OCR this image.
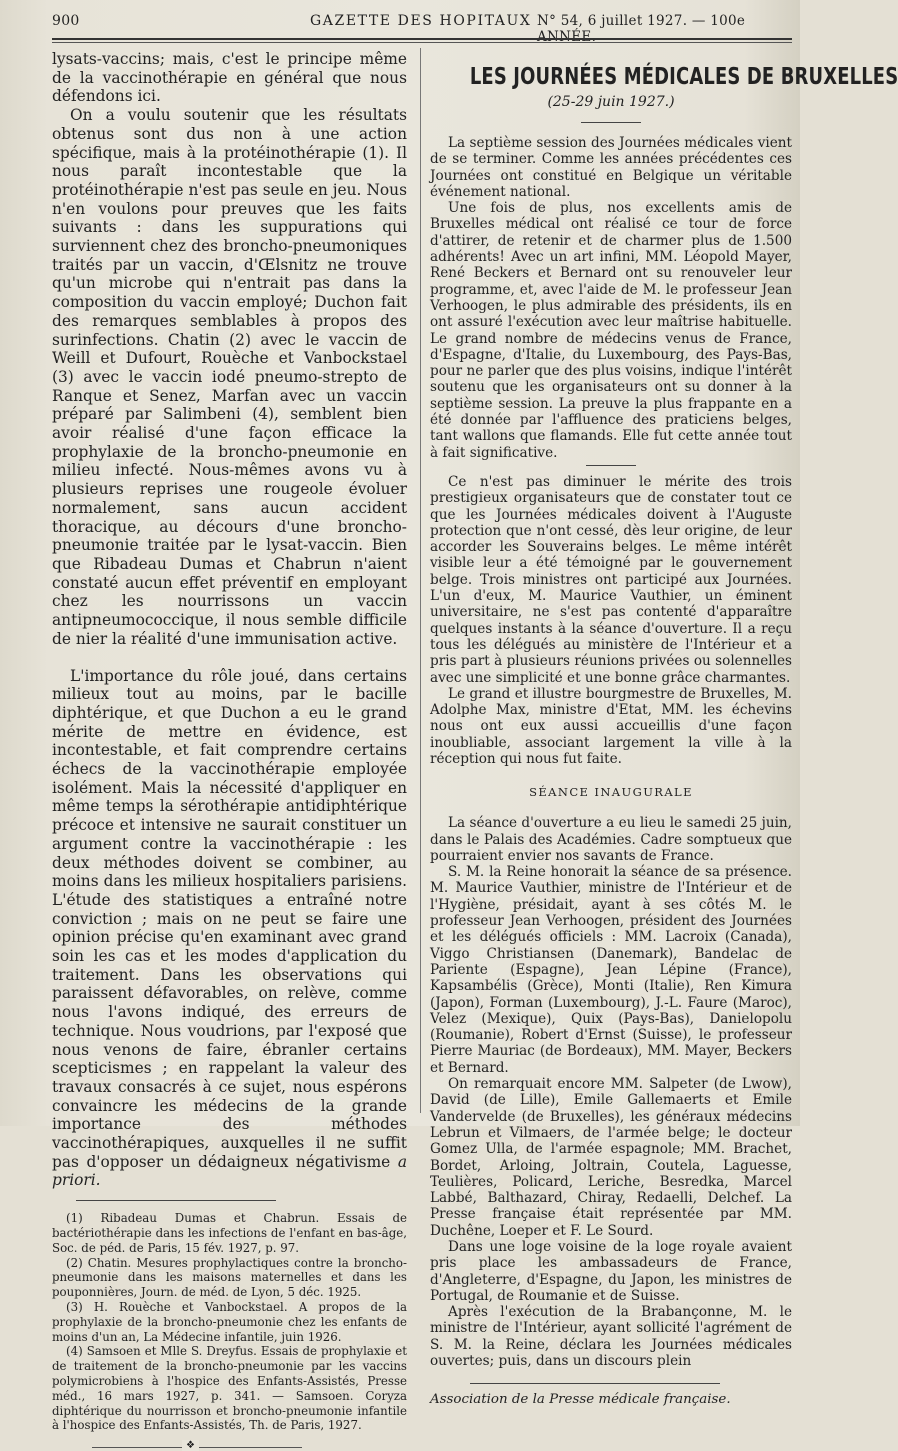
900	GAZETTE DES HOPITAUX N° 54, 6 juillet 1927. — 100e ANNÉE.

lysats-vaccins; mais, c'est le principe même de la vaccinothérapie en général que nous défendons ici.

On a voulu soutenir que les résultats obtenus sont dus non à une action spécifique, mais à la protéinothérapie (1). Il nous paraît incontestable que la protéinothérapie n'est pas seule en jeu. Nous n'en voulons pour preuves que les faits suivants : dans les suppurations qui surviennent chez des broncho-pneumoniques traités par un vaccin, d'Œlsnitz ne trouve qu'un microbe qui n'entrait pas dans la composition du vaccin employé; Duchon fait des remarques semblables à propos des surinfections. Chatin (2) avec le vaccin de Weill et Dufourt, Rouèche et Vanbockstael (3) avec le vaccin iodé pneumo-strepto de Ranque et Senez, Marfan avec un vaccin préparé par Salimbeni (4), semblent bien avoir réalisé d'une façon efficace la prophylaxie de la broncho-pneumonie en milieu infecté. Nous-mêmes avons vu à plusieurs reprises une rougeole évoluer normalement, sans aucun accident thoracique, au décours d'une broncho-pneumonie traitée par le lysat-vaccin. Bien que Ribadeau Dumas et Chabrun n'aient constaté aucun effet préventif en employant chez les nourrissons un vaccin antipneumococcique, il nous semble difficile de nier la réalité d'une immunisation active.

L'importance du rôle joué, dans certains milieux tout au moins, par le bacille diphtérique, et que Duchon a eu le grand mérite de mettre en évidence, est incontestable, et fait comprendre certains échecs de la vaccinothérapie employée isolément. Mais la nécessité d'appliquer en même temps la sérothérapie antidiphtérique précoce et intensive ne saurait constituer un argument contre la vaccinothérapie : les deux méthodes doivent se combiner, au moins dans les milieux hospitaliers parisiens. L'étude des statistiques a entraîné notre conviction ; mais on ne peut se faire une opinion précise qu'en examinant avec grand soin les cas et les modes d'application du traitement. Dans les observations qui paraissent défavorables, on relève, comme nous l'avons indiqué, des erreurs de technique. Nous voudrions, par l'exposé que nous venons de faire, ébranler certains scepticismes ; en rappelant la valeur des travaux consacrés à ce sujet, nous espérons convaincre les médecins de la grande importance des méthodes vaccinothérapiques, auxquelles il ne suffit pas d'opposer un dédaigneux négativisme a priori.

(1) Ribadeau Dumas et Chabrun. Essais de bactériothérapie dans les infections de l'enfant en bas-âge, Soc. de péd. de Paris, 15 fév. 1927, p. 97.

(2) Chatin. Mesures prophylactiques contre la broncho-pneumonie dans les maisons maternelles et dans les pouponnières, Journ. de méd. de Lyon, 5 déc. 1925.

(3) H. Rouèche et Vanbockstael. A propos de la prophylaxie de la broncho-pneumonie chez les enfants de moins d'un an, La Médecine infantile, juin 1926.

(4) Samsoen et Mlle S. Dreyfus. Essais de prophylaxie et de traitement de la broncho-pneumonie par les vaccins polymicrobiens à l'hospice des Enfants-Assistés, Presse méd., 16 mars 1927, p. 341. — Samsoen. Coryza diphtérique du nourrisson et broncho-pneumonie infantile à l'hospice des Enfants-Assistés, Th. de Paris, 1927.

❖
LES JOURNÉES MÉDICALES DE BRUXELLES
(25-29 juin 1927.)

La septième session des Journées médicales vient de se terminer. Comme les années précédentes ces Journées ont constitué en Belgique un véritable événement national.

Une fois de plus, nos excellents amis de Bruxelles médical ont réalisé ce tour de force d'attirer, de retenir et de charmer plus de 1.500 adhérents! Avec un art infini, MM. Léopold Mayer, René Beckers et Bernard ont su renouveler leur programme, et, avec l'aide de M. le professeur Jean Verhoogen, le plus admirable des présidents, ils en ont assuré l'exécution avec leur maîtrise habituelle. Le grand nombre de médecins venus de France, d'Espagne, d'Italie, du Luxembourg, des Pays-Bas, pour ne parler que des plus voisins, indique l'intérêt soutenu que les organisateurs ont su donner à la septième session. La preuve la plus frappante en a été donnée par l'affluence des praticiens belges, tant wallons que flamands. Elle fut cette année tout à fait significative.

Ce n'est pas diminuer le mérite des trois prestigieux organisateurs que de constater tout ce que les Journées médicales doivent à l'Auguste protection que n'ont cessé, dès leur origine, de leur accorder les Souverains belges. Le même intérêt visible leur a été témoigné par le gouvernement belge. Trois ministres ont participé aux Journées. L'un d'eux, M. Maurice Vauthier, un éminent universitaire, ne s'est pas contenté d'apparaître quelques instants à la séance d'ouverture. Il a reçu tous les délégués au ministère de l'Intérieur et a pris part à plusieurs réunions privées ou solennelles avec une simplicité et une bonne grâce charmantes.

Le grand et illustre bourgmestre de Bruxelles, M. Adolphe Max, ministre d'Etat, MM. les échevins nous ont eux aussi accueillis d'une façon inoubliable, associant largement la ville à la réception qui nous fut faite.

SÉANCE INAUGURALE

La séance d'ouverture a eu lieu le samedi 25 juin, dans le Palais des Académies. Cadre somptueux que pourraient envier nos savants de France.

S. M. la Reine honorait la séance de sa présence. M. Maurice Vauthier, ministre de l'Intérieur et de l'Hygiène, présidait, ayant à ses côtés M. le professeur Jean Verhoogen, président des Journées et les délégués officiels : MM. Lacroix (Canada), Viggo Christiansen (Danemark), Bandelac de Pariente (Espagne), Jean Lépine (France), Kapsambélis (Grèce), Monti (Italie), Ren Kimura (Japon), Forman (Luxembourg), J.-L. Faure (Maroc), Velez (Mexique), Quix (Pays-Bas), Danielopolu (Roumanie), Robert d'Ernst (Suisse), le professeur Pierre Mauriac (de Bordeaux), MM. Mayer, Beckers et Bernard.

On remarquait encore MM. Salpeter (de Lwow), David (de Lille), Emile Gallemaerts et Emile Vandervelde (de Bruxelles), les généraux médecins Lebrun et Vilmaers, de l'armée belge; le docteur Gomez Ulla, de l'armée espagnole; MM. Brachet, Bordet, Arloing, Joltrain, Coutela, Laguesse, Teulières, Policard, Leriche, Besredka, Marcel Labbé, Balthazard, Chiray, Redaelli, Delchef. La Presse française était représentée par MM. Duchêne, Loeper et F. Le Sourd.

Dans une loge voisine de la loge royale avaient pris place les ambassadeurs de France, d'Angleterre, d'Espagne, du Japon, les ministres de Portugal, de Roumanie et de Suisse.

Après l'exécution de la Brabançonne, M. le ministre de l'Intérieur, ayant sollicité l'agrément de S. M. la Reine, déclara les Journées médicales ouvertes; puis, dans un discours plein

Association de la Presse médicale française.
